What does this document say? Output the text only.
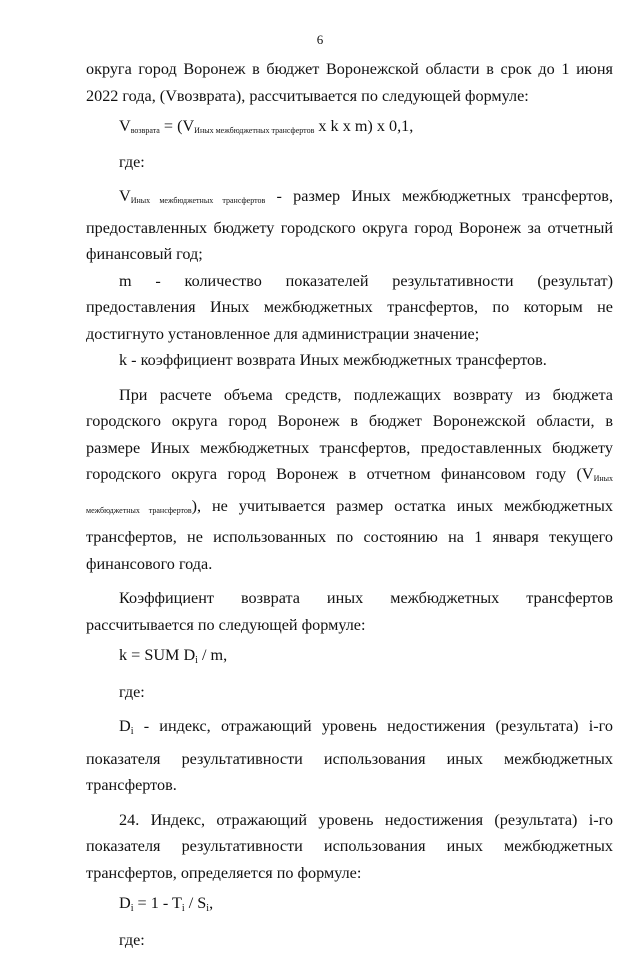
6

округа город Воронеж в бюджет Воронежской области в срок до 1 июня 2022 года, (Vвозврата), рассчитывается по следующей формуле:

$V_{возврата} = (V_{Иных межбюджетных трансфертов}$ x k x m) x 0,1,

где:

$V_{Иных межбюджетных трансфертов}$ - размер Иных межбюджетных трансфертов, предоставленных бюджету городского округа город Воронеж за отчетный финансовый год;

m - количество показателей результативности (результат) предоставления Иных межбюджетных трансфертов, по которым не достигнуто установленное для администрации значение;

k - коэффициент возврата Иных межбюджетных трансфертов.

При расчете объема средств, подлежащих возврату из бюджета городского округа город Воронеж в бюджет Воронежской области, в размере Иных межбюджетных трансфертов, предоставленных бюджету городского округа город Воронеж в отчетном финансовом году $(V_{Иных межбюджетных трансфертов})$, не учитывается размер остатка иных межбюджетных трансфертов, не использованных по состоянию на 1 января текущего финансового года.

Коэффициент возврата иных межбюджетных трансфертов рассчитывается по следующей формуле:

k = SUM $D_i$ / m,

где:

$D_i$ - индекс, отражающий уровень недостижения (результата) i-го показателя результативности использования иных межбюджетных трансфертов.

24. Индекс, отражающий уровень недостижения (результата) i-го показателя результативности использования иных межбюджетных трансфертов, определяется по формуле:

$D_i = 1 - T_i / S_i$,

где:
